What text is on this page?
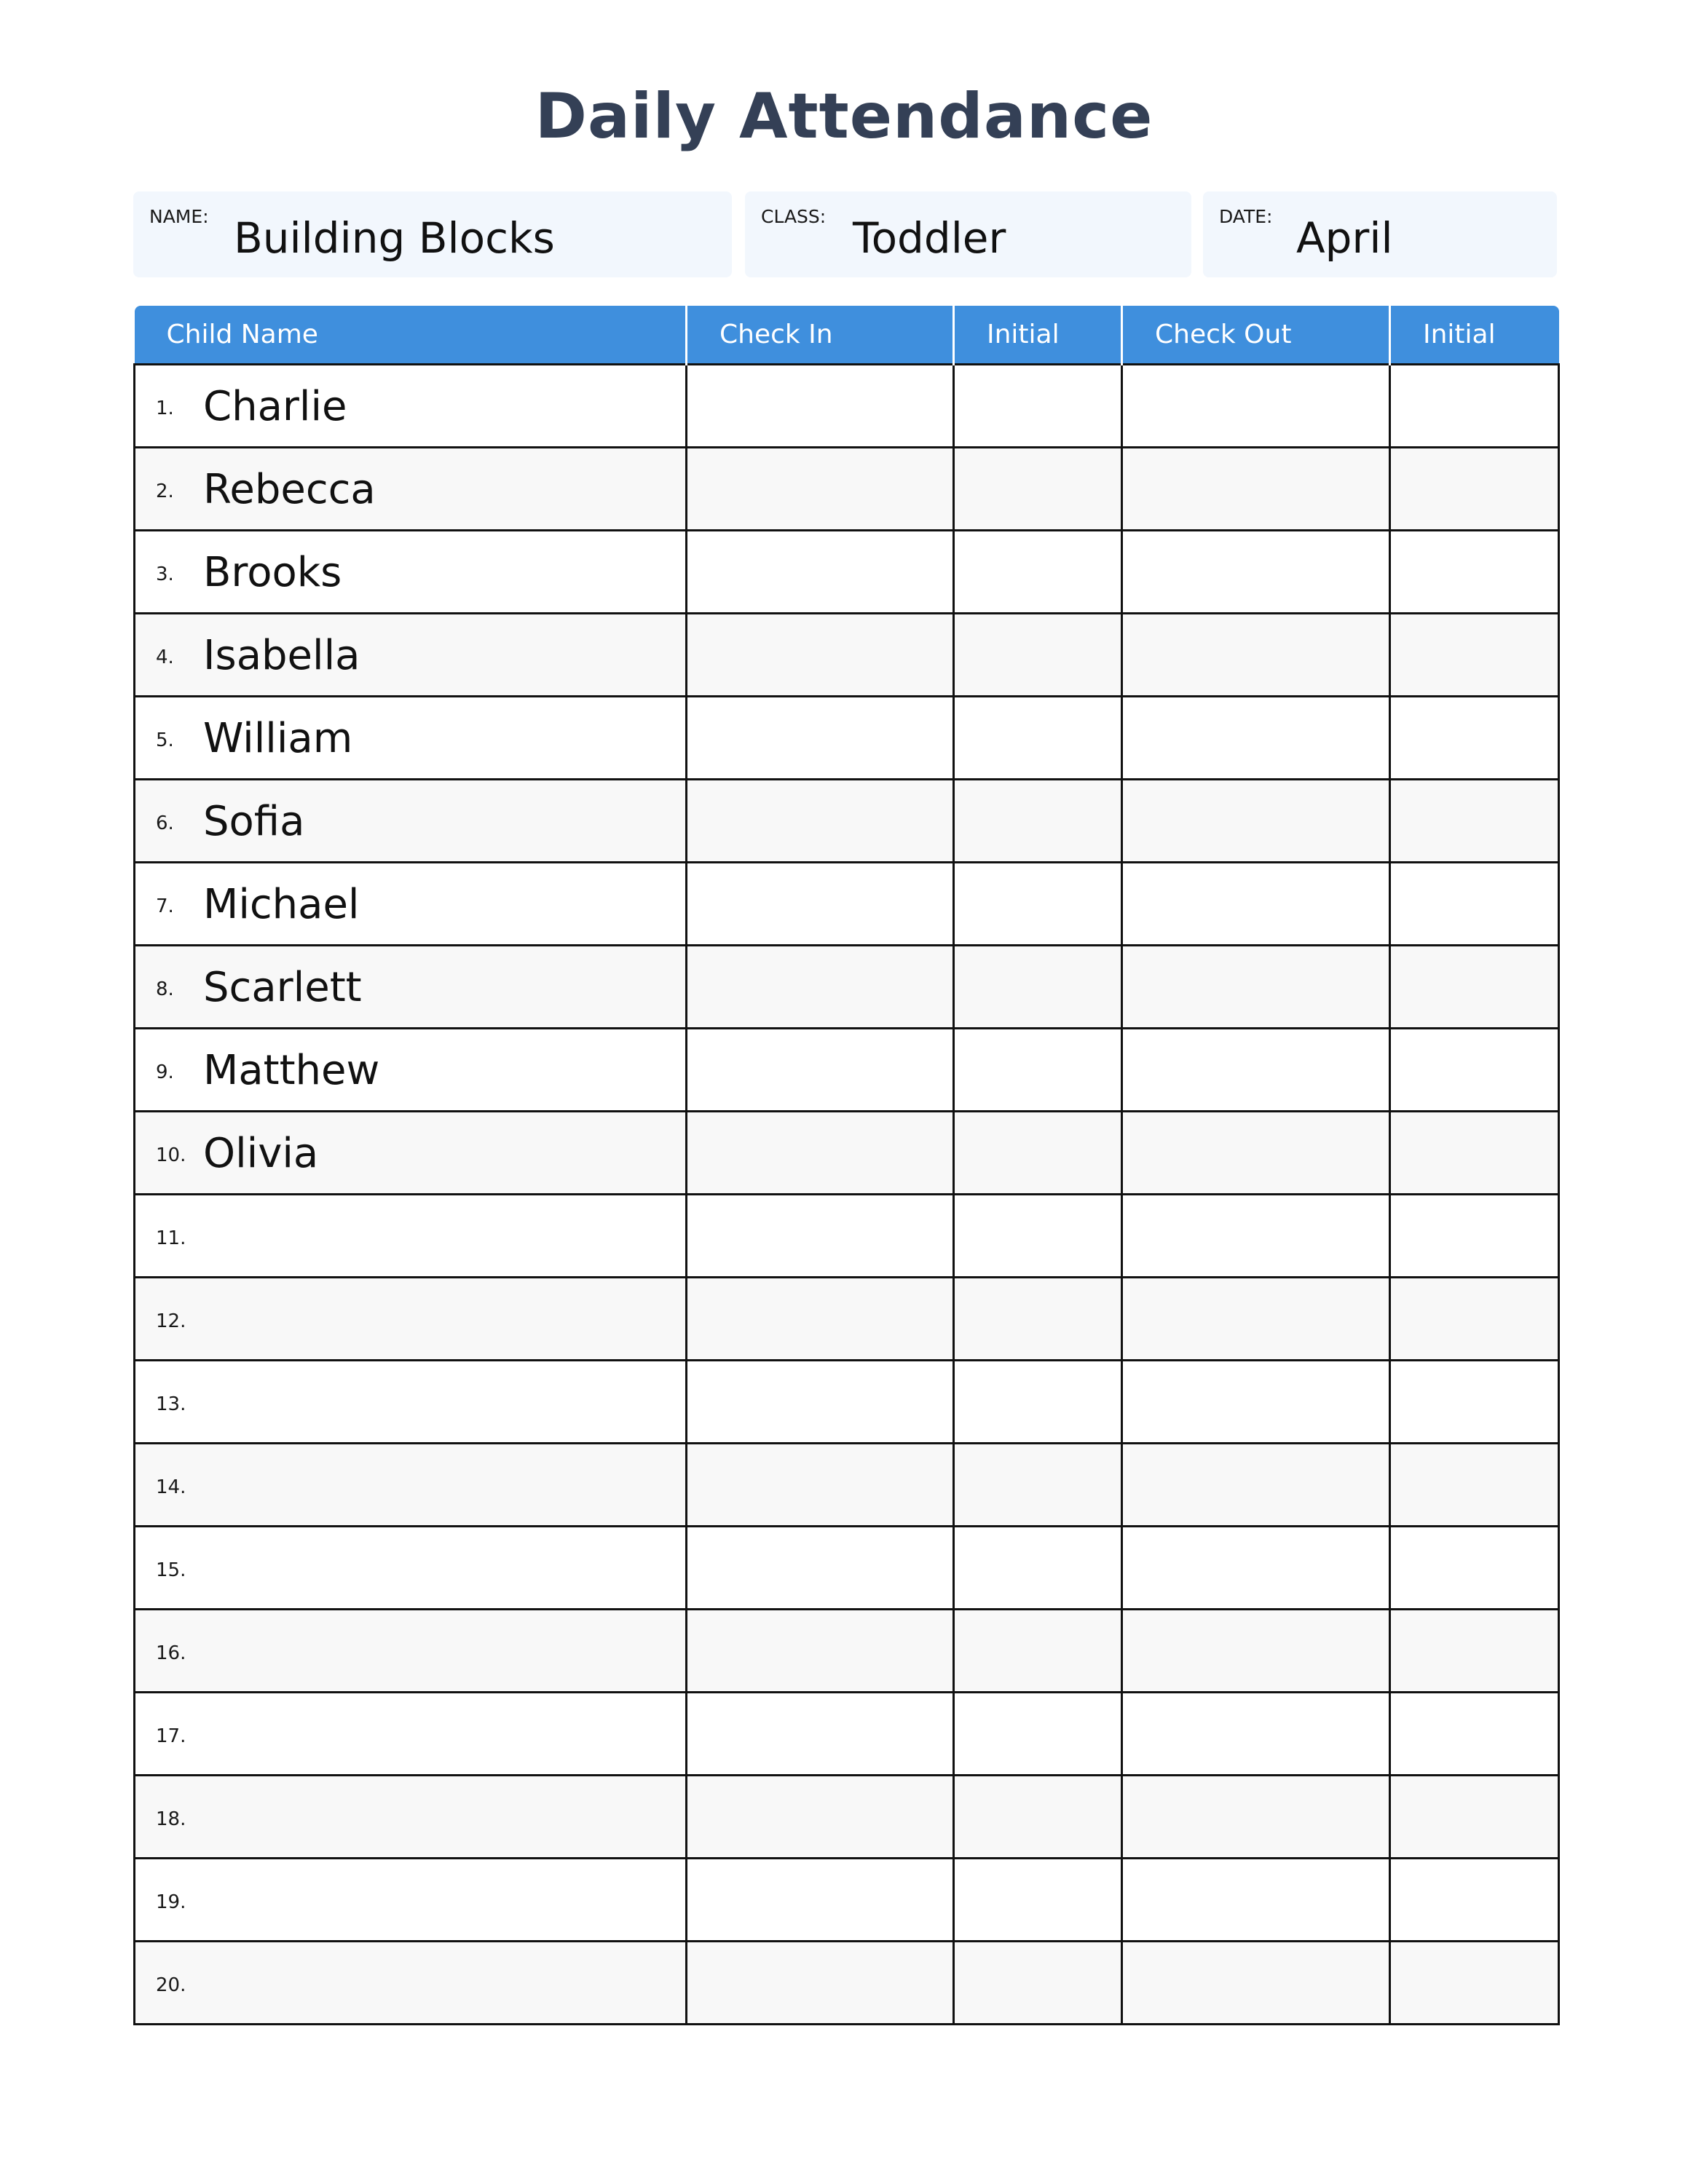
Daily Attendance
NAME: Building Blocks	CLASS: Toddler	DATE: April
Child Name	Check In	Initial	Check Out	Initial

1. Charlie				

2. Rebecca				

3. Brooks				

4. Isabella				

5. William				

6. Sofia				

7. Michael				

8. Scarlett				

9. Matthew				

10. Olivia				

11.				

12.				

13.				

14.				

15.				

16.				

17.				

18.				

19.				

20.				
